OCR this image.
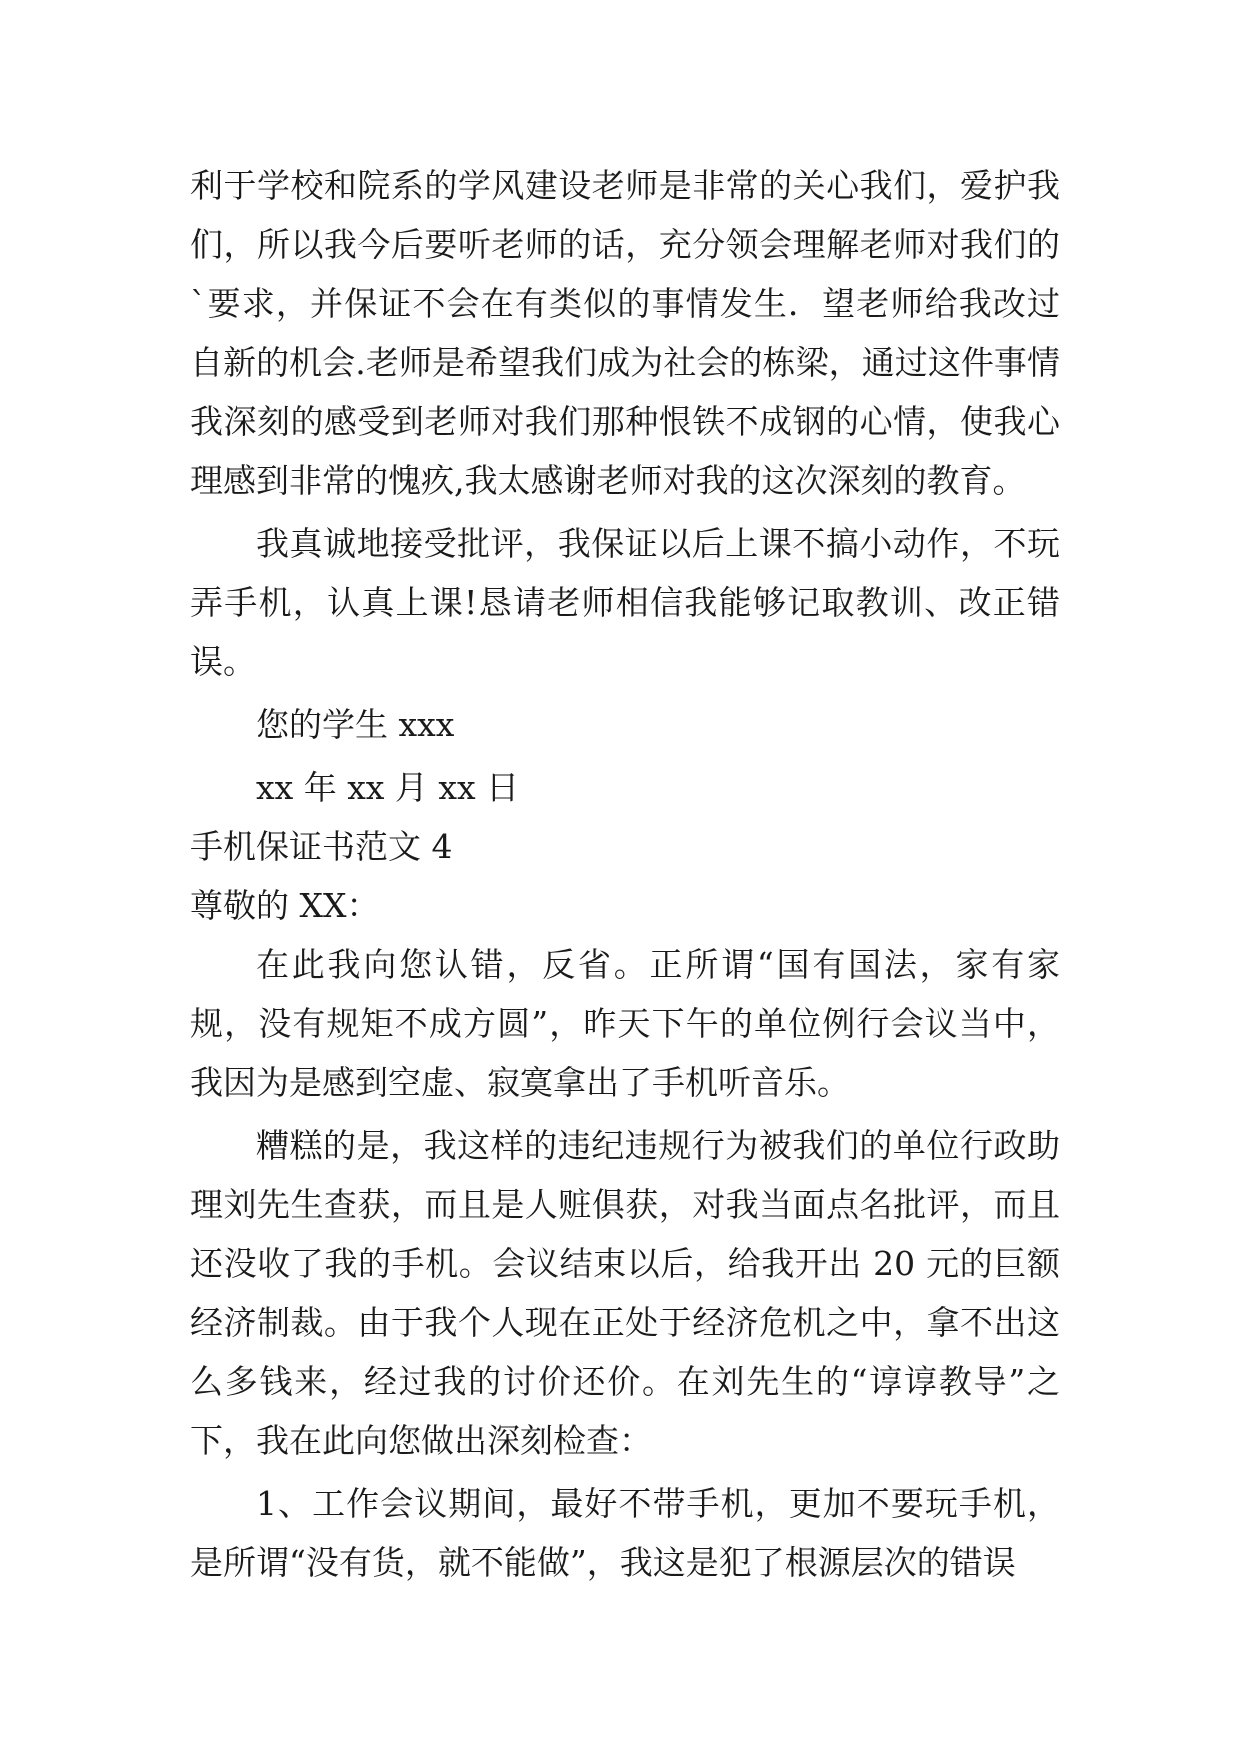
利于学校和院系的学风建设老师是非常的关心我们，爱护我们，所以我今后要听老师的话，充分领会理解老师对我们的`要求，并保证不会在有类似的事情发生．望老师给我改过自新的机会.老师是希望我们成为社会的栋梁，通过这件事情我深刻的感受到老师对我们那种恨铁不成钢的心情，使我心理感到非常的愧疚,我太感谢老师对我的这次深刻的教育。

我真诚地接受批评，我保证以后上课不搞小动作，不玩弄手机，认真上课!恳请老师相信我能够记取教训、改正错误。

您的学生 xxx

xx 年 xx 月 xx 日

手机保证书范文 4

尊敬的 XX：

在此我向您认错，反省。正所谓“国有国法，家有家规，没有规矩不成方圆”，昨天下午的单位例行会议当中，我因为是感到空虚、寂寞拿出了手机听音乐。

糟糕的是，我这样的违纪违规行为被我们的单位行政助理刘先生查获，而且是人赃俱获，对我当面点名批评，而且还没收了我的手机。会议结束以后，给我开出 20 元的巨额经济制裁。由于我个人现在正处于经济危机之中，拿不出这么多钱来，经过我的讨价还价。在刘先生的“谆谆教导”之下，我在此向您做出深刻检查：

1、工作会议期间，最好不带手机，更加不要玩手机，是所谓“没有货，就不能做”，我这是犯了根源层次的错误
